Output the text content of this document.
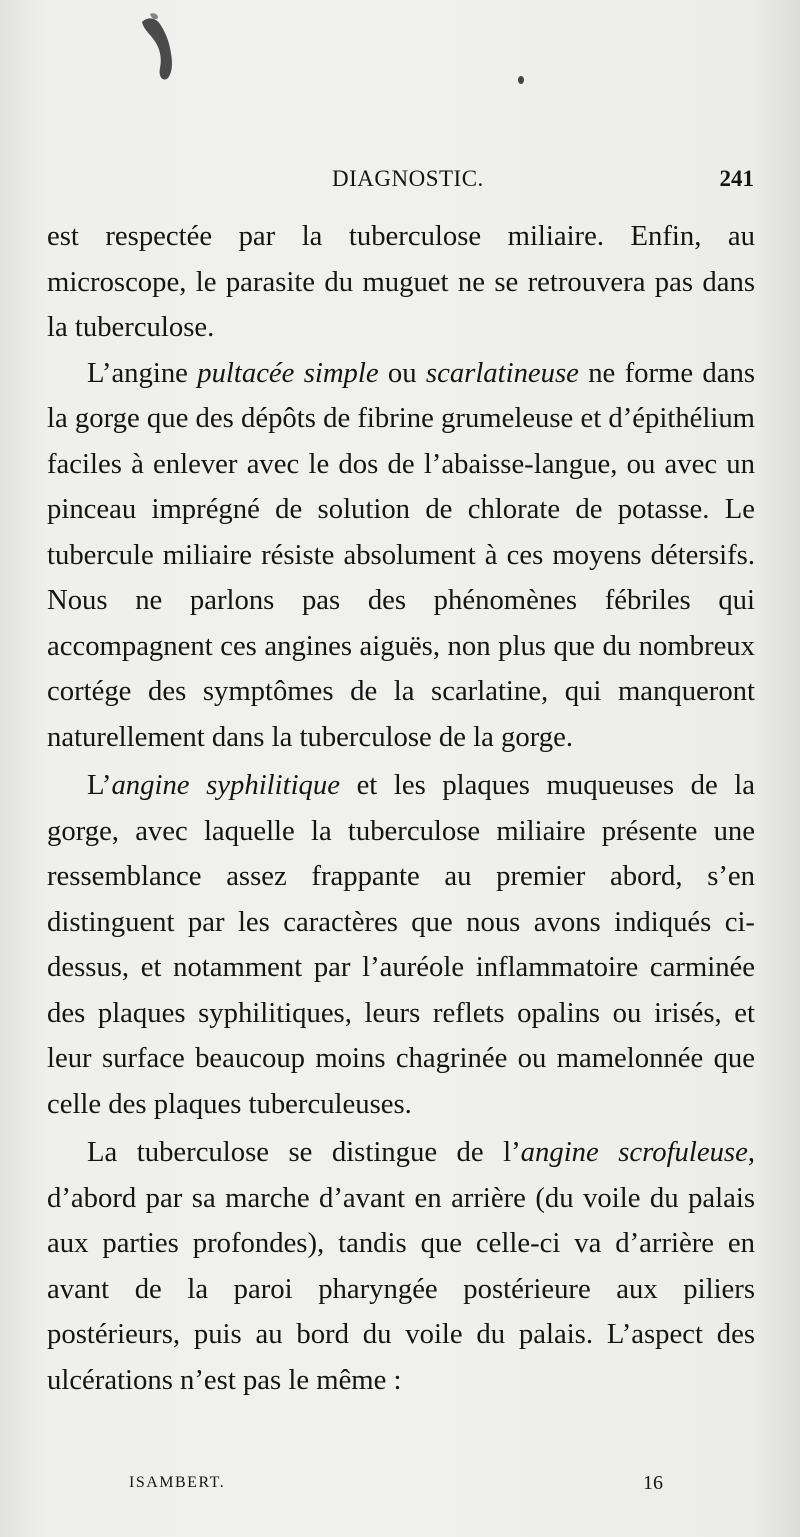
DIAGNOSTIC.	241

est respectée par la tuberculose miliaire. Enfin, au microscope, le parasite du muguet ne se retrouvera pas dans la tuberculose.

L’angine pultacée simple ou scarlatineuse ne forme dans la gorge que des dépôts de fibrine grumeleuse et d’épithélium faciles à enlever avec le dos de l’abaisse-langue, ou avec un pinceau imprégné de solution de chlorate de potasse. Le tubercule miliaire résiste absolument à ces moyens détersifs. Nous ne parlons pas des phénomènes fébriles qui accompagnent ces angines aiguës, non plus que du nombreux cortége des symptômes de la scarlatine, qui manqueront naturellement dans la tuberculose de la gorge.

L’angine syphilitique et les plaques muqueuses de la gorge, avec laquelle la tuberculose miliaire présente une ressemblance assez frappante au premier abord, s’en distinguent par les caractères que nous avons indiqués ci-dessus, et notamment par l’auréole inflammatoire carminée des plaques syphilitiques, leurs reflets opalins ou irisés, et leur surface beaucoup moins chagrinée ou mamelonnée que celle des plaques tuberculeuses.

La tuberculose se distingue de l’angine scrofuleuse, d’abord par sa marche d’avant en arrière (du voile du palais aux parties profondes), tandis que celle-ci va d’arrière en avant de la paroi pharyngée postérieure aux piliers postérieurs, puis au bord du voile du palais. L’aspect des ulcérations n’est pas le même :

ISAMBERT.	16
